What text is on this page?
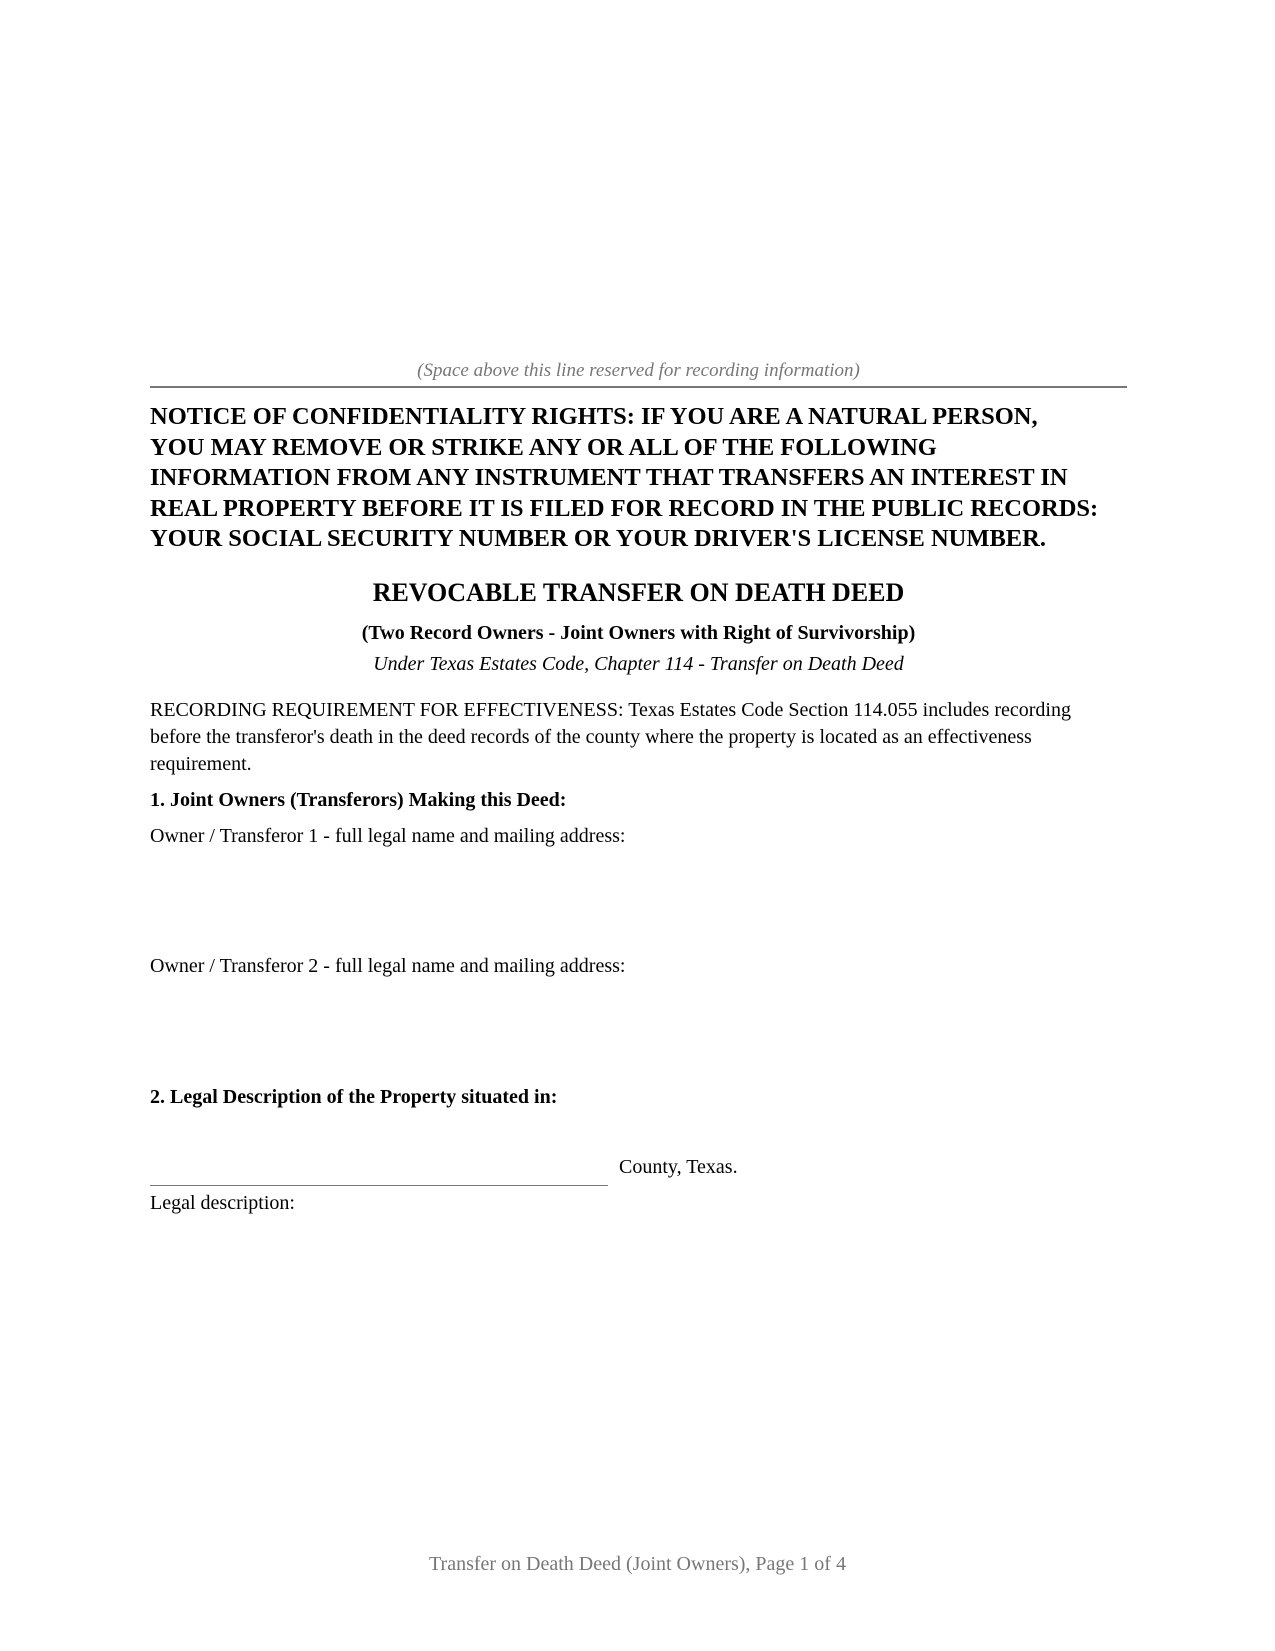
(Space above this line reserved for recording information)
NOTICE OF CONFIDENTIALITY RIGHTS: IF YOU ARE A NATURAL PERSON,
YOU MAY REMOVE OR STRIKE ANY OR ALL OF THE FOLLOWING
INFORMATION FROM ANY INSTRUMENT THAT TRANSFERS AN INTEREST IN
REAL PROPERTY BEFORE IT IS FILED FOR RECORD IN THE PUBLIC RECORDS:
YOUR SOCIAL SECURITY NUMBER OR YOUR DRIVER'S LICENSE NUMBER.
REVOCABLE TRANSFER ON DEATH DEED
(Two Record Owners - Joint Owners with Right of Survivorship)
Under Texas Estates Code, Chapter 114 - Transfer on Death Deed
RECORDING REQUIREMENT FOR EFFECTIVENESS: Texas Estates Code Section 114.055 includes recording
before the transferor's death in the deed records of the county where the property is located as an effectiveness
requirement.
1. Joint Owners (Transferors) Making this Deed:
Owner / Transferor 1 - full legal name and mailing address:
Owner / Transferor 2 - full legal name and mailing address:
2. Legal Description of the Property situated in:
County, Texas.
Legal description:
Transfer on Death Deed (Joint Owners), Page 1 of 4
